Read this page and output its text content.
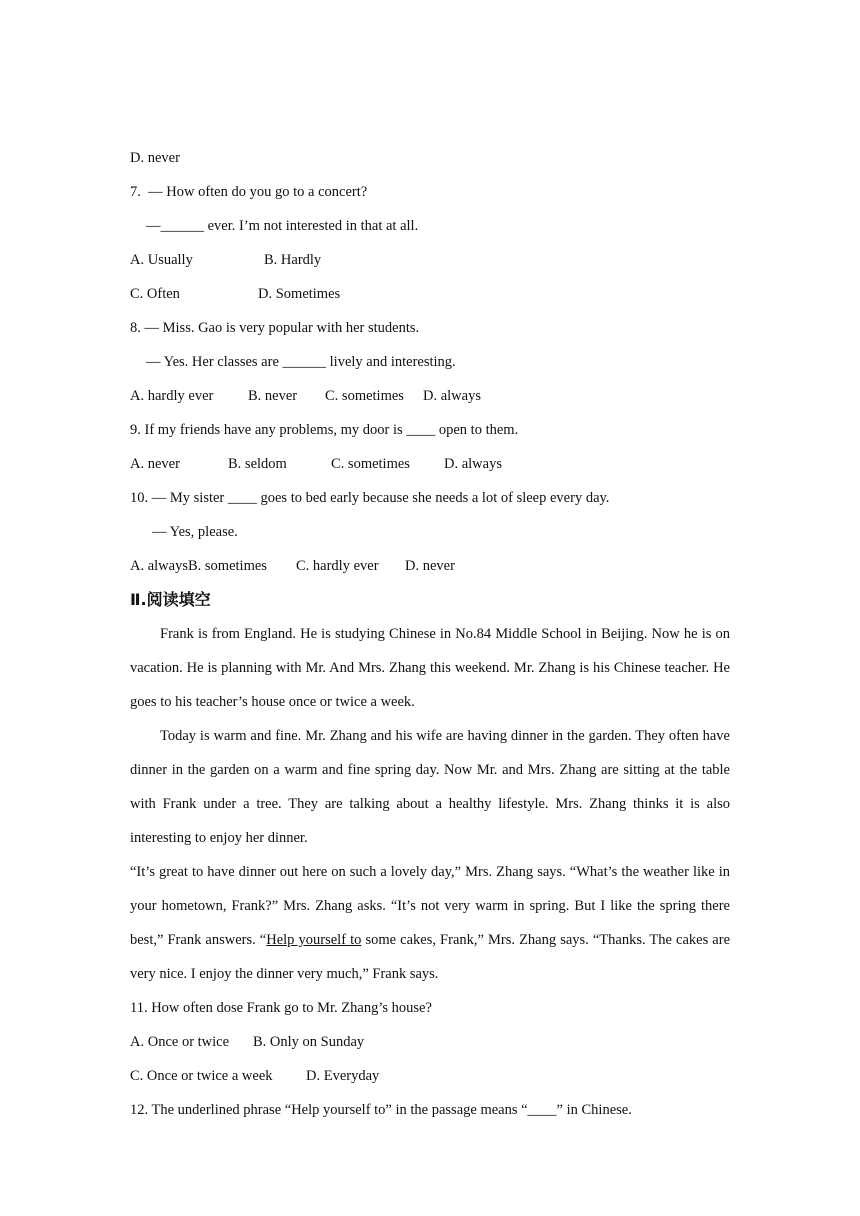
D. never
7.  — How often do you go to a concert?
—______ ever. I’m not interested in that at all.
A. Usually	B. Hardly
C. Often	D. Sometimes
8. — Miss. Gao is very popular with her students.
— Yes. Her classes are ______ lively and interesting.
A. hardly ever	B. never	C. sometimes	D. always
9. If my friends have any problems, my door is ____ open to them.
A. never	B. seldom	C. sometimes	D. always
10. — My sister ____ goes to bed early because she needs a lot of sleep every day.
— Yes, please.
A. alwaysB. sometimes	C. hardly ever	D. never
Ⅱ.阅读填空

Frank is from England. He is studying Chinese in No.84 Middle School in Beijing. Now he is on vacation. He is planning with Mr. And Mrs. Zhang this weekend. Mr. Zhang is his Chinese teacher. He goes to his teacher’s house once or twice a week.

Today is warm and fine. Mr. Zhang and his wife are having dinner in the garden. They often have dinner in the garden on a warm and fine spring day. Now Mr. and Mrs. Zhang are sitting at the table with Frank under a tree. They are talking about a healthy lifestyle. Mrs. Zhang thinks it is also interesting to enjoy her dinner.

“It’s great to have dinner out here on such a lovely day,” Mrs. Zhang says. “What’s the weather like in your hometown, Frank?” Mrs. Zhang asks. “It’s not very warm in spring. But I like the spring there best,” Frank answers. “Help yourself to some cakes, Frank,” Mrs. Zhang says. “Thanks. The cakes are very nice. I enjoy the dinner very much,” Frank says.

11. How often dose Frank go to Mr. Zhang’s house?
A. Once or twice	B. Only on Sunday
C. Once or twice a week	D. Everyday
12. The underlined phrase “Help yourself to” in the passage means “____” in Chinese.
